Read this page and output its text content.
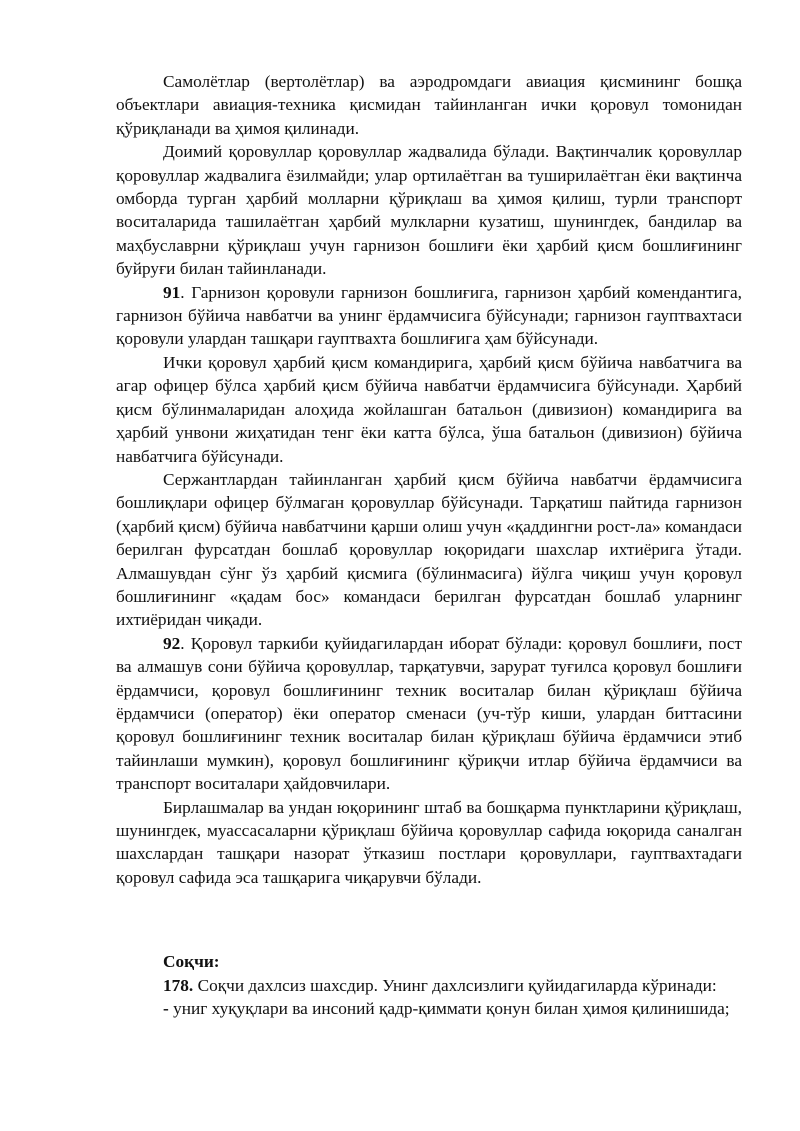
Самолётлар (вертолётлар) ва аэродромдаги авиация қисмининг бошқа объектлари авиация-техника қисмидан тайинланган ички қоровул томонидан қўриқланади ва ҳимоя қилинади.

Доимий қоровуллар қоровуллар жадвалида бўлади. Вақтинчалик қоровуллар қоровуллар жадвалига ёзилмайди; улар ортилаётган ва туширилаётган ёки вақтинча омборда турган ҳарбий молларни қўриқлаш ва ҳимоя қилиш, турли транспорт воситаларида ташилаётган ҳарбий мулкларни кузатиш, шунингдек, бандилар ва маҳбуславрни қўриқлаш учун гарнизон бошлиғи ёки ҳарбий қисм бошлиғининг буйруғи билан тайинланади.

91. Гарнизон қоровули гарнизон бошлиғига, гарнизон ҳарбий комендантига, гарнизон бўйича навбатчи ва унинг ёрдамчисига бўйсунади; гарнизон гауптвахтаси қоровули улардан ташқари гауптвахта бошлиғига ҳам бўйсунади.

Ички қоровул ҳарбий қисм командирига, ҳарбий қисм бўйича навбатчига ва агар офицер бўлса ҳарбий қисм бўйича навбатчи ёрдамчисига бўйсунади. Ҳарбий қисм бўлинмаларидан алоҳида жойлашган батальон (дивизион) командирига ва ҳарбий унвони жиҳатидан тенг ёки катта бўлса, ўша батальон (дивизион) бўйича навбатчига бўйсунади.

Сержантлардан тайинланган ҳарбий қисм бўйича навбатчи ёрдамчисига бошлиқлари офицер бўлмаган қоровуллар бўйсунади. Тарқатиш пайтида гарнизон (ҳарбий қисм) бўйича навбатчини қарши олиш учун «қаддингни рост-ла» командаси берилган фурсатдан бошлаб қоровуллар юқоридаги шахслар ихтиёрига ўтади. Алмашувдан сўнг ўз ҳарбий қисмига (бўлинмасига) йўлга чиқиш учун қоровул бошлиғининг «қадам бос» командаси берилган фурсатдан бошлаб уларнинг ихтиёридан чиқади.

92. Қоровул таркиби қуйидагилардан иборат бўлади: қоровул бошлиғи, пост ва алмашув сони бўйича қоровуллар, тарқатувчи, зарурат туғилса қоровул бошлиғи ёрдамчиси, қоровул бошлиғининг техник воситалар билан қўриқлаш бўйича ёрдамчиси (оператор) ёки оператор сменаси (уч-тўр киши, улардан биттасини қоровул бошлиғининг техник воситалар билан қўриқлаш бўйича ёрдамчиси этиб тайинлаши мумкин), қоровул бошлиғининг қўриқчи итлар бўйича ёрдамчиси ва транспорт воситалари ҳайдовчилари.

Бирлашмалар ва ундан юқорининг штаб ва бошқарма пунктларини қўриқлаш, шунингдек, муассасаларни қўриқлаш бўйича қоровуллар сафида юқорида саналган шахслардан ташқари назорат ўтказиш постлари қоровуллари, гауптвахтадаги қоровул сафида эса ташқарига чиқарувчи бўлади.

Соқчи:

178. Соқчи дахлсиз шахсдир. Унинг дахлсизлиги қуйидагиларда кўринади:

- униг хуқуқлари ва инсоний қадр-қиммати қонун билан ҳимоя қилинишида;
